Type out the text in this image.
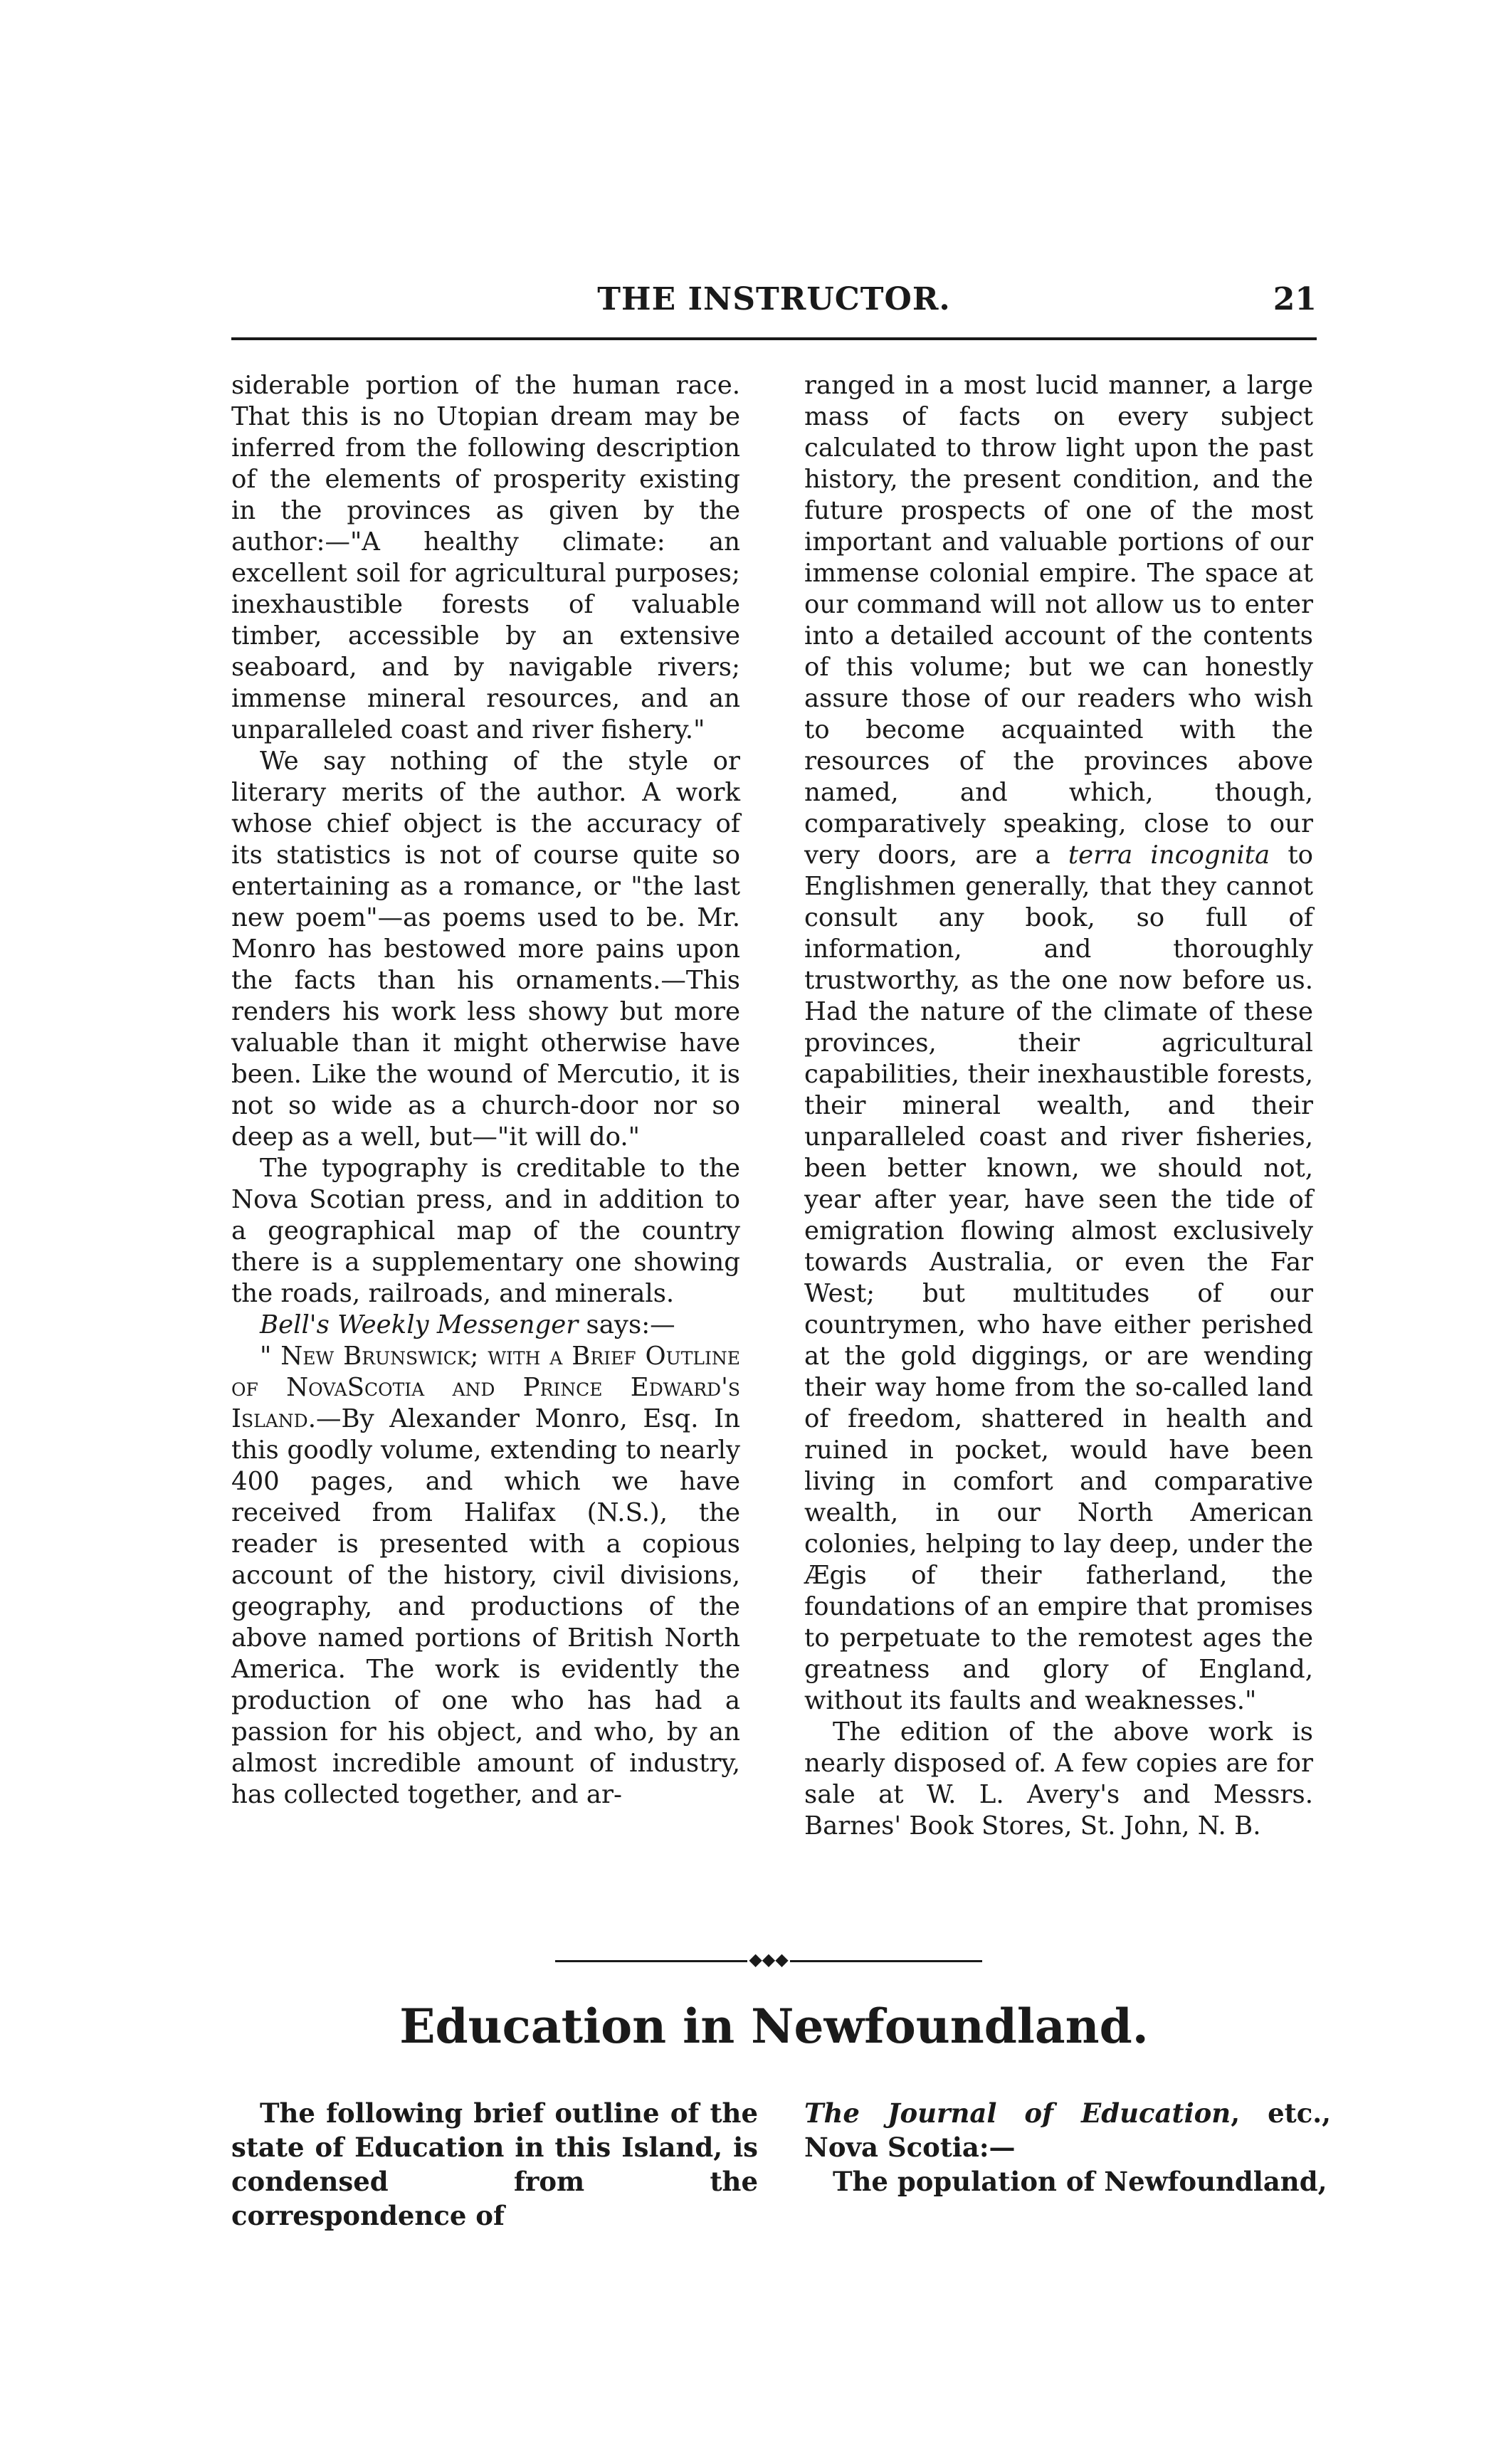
THE INSTRUCTOR.	21

siderable portion of the human race. That this is no Utopian dream may be inferred from the following description of the elements of prosperity existing in the provinces as given by the author:—"A healthy climate: an excellent soil for agricultural purposes; inexhaustible forests of valuable timber, accessible by an extensive seaboard, and by navigable rivers; immense mineral resources, and an unparalleled coast and river fishery."

We say nothing of the style or literary merits of the author. A work whose chief object is the accuracy of its statistics is not of course quite so entertaining as a romance, or "the last new poem"—as poems used to be. Mr. Monro has bestowed more pains upon the facts than his ornaments.—This renders his work less showy but more valuable than it might otherwise have been. Like the wound of Mercutio, it is not so wide as a church-door nor so deep as a well, but—"it will do."

The typography is creditable to the Nova Scotian press, and in addition to a geographical map of the country there is a supplementary one showing the roads, railroads, and minerals.

Bell's Weekly Messenger says:—

" New Brunswick; with a Brief Outline of NovaScotia and Prince Edward's Island.—By Alexander Monro, Esq. In this goodly volume, extending to nearly 400 pages, and which we have received from Halifax (N.S.), the reader is presented with a copious account of the history, civil divisions, geography, and productions of the above named portions of British North America. The work is evidently the production of one who has had a passion for his object, and who, by an almost incredible amount of industry, has collected together, and ar-

ranged in a most lucid manner, a large mass of facts on every subject calculated to throw light upon the past history, the present condition, and the future prospects of one of the most important and valuable portions of our immense colonial empire. The space at our command will not allow us to enter into a detailed account of the contents of this volume; but we can honestly assure those of our readers who wish to become acquainted with the resources of the provinces above named, and which, though, comparatively speaking, close to our very doors, are a terra incognita to Englishmen generally, that they cannot consult any book, so full of information, and thoroughly trustworthy, as the one now before us. Had the nature of the climate of these provinces, their agricultural capabilities, their inexhaustible forests, their mineral wealth, and their unparalleled coast and river fisheries, been better known, we should not, year after year, have seen the tide of emigration flowing almost exclusively towards Australia, or even the Far West; but multitudes of our countrymen, who have either perished at the gold diggings, or are wending their way home from the so-called land of freedom, shattered in health and ruined in pocket, would have been living in comfort and comparative wealth, in our North American colonies, helping to lay deep, under the Ægis of their fatherland, the foundations of an empire that promises to perpetuate to the remotest ages the greatness and glory of England, without its faults and weaknesses."

The edition of the above work is nearly disposed of. A few copies are for sale at W. L. Avery's and Messrs. Barnes' Book Stores, St. John, N. B.

◆◆◆
Education in Newfoundland.

The following brief outline of the state of Education in this Island, is condensed from the correspondence of

The Journal of Education, etc., Nova Scotia:—

The population of Newfoundland,
